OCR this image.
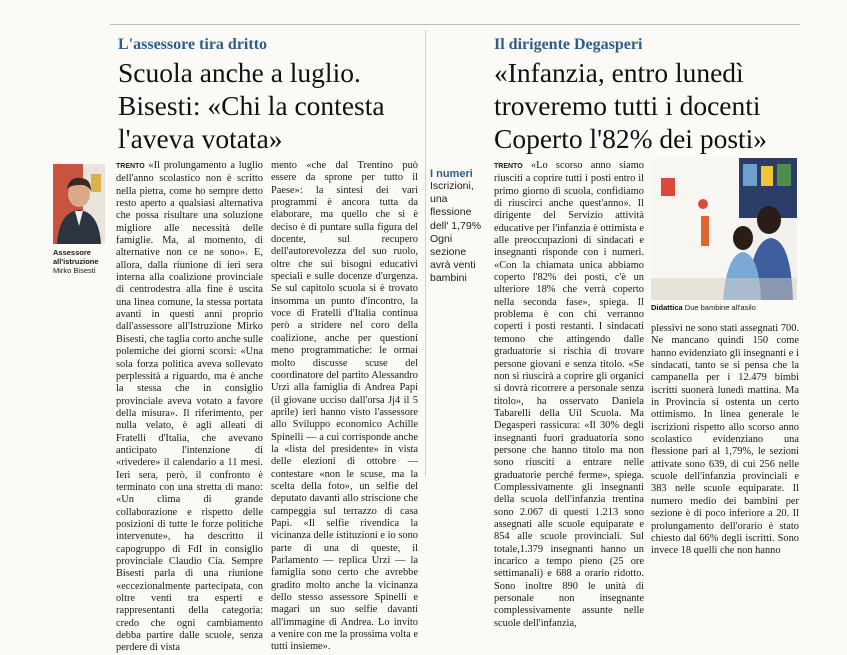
L'assessore tira dritto
Scuola anche a luglio.
Bisesti: «Chi la contesta
l'aveva votata»
Assessore all'istruzione
Mirko Bisesti
TRENTO «Il prolungamento a luglio dell'anno scolastico non è scritto nella pietra, come ho sempre detto resto aperto a qualsiasi alternativa che possa risultare una soluzione migliore alle necessità delle famiglie. Ma, al momento, di alternative non ce ne sono». E, allora, dalla riunione di ieri sera interna alla coalizione provinciale di centrodestra alla fine è uscita una linea comune, la stessa portata avanti in questi anni proprio dall'assessore all'Istruzione Mirko Bisesti, che taglia corto anche sulle polemiche dei giorni scorsi: «Una sola forza politica aveva sollevato perplessità a riguardo, ma è anche la stessa che in consiglio provinciale aveva votato a favore della misura». Il riferimento, per nulla velato, è agli alleati di Fratelli d'Italia, che avevano anticipato l'intenzione di «rivedere» il calendario a 11 mesi. Ieri sera, però, il confronto è terminato con una stretta di mano: «Un clima di grande collaborazione e rispetto delle posizioni di tutte le forze politiche intervenute», ha descritto il capogruppo di FdI in consiglio provinciale Claudio Cia. Sempre Bisesti parla di una riunione «eccezionalmente partecipata, con oltre venti tra esperti e rappresentanti della categoria: credo che ogni cambiamento debba partire dalle scuole, senza perdere di vista
mento «che dal Trentino può essere da sprone per tutto il Paese»: la sintesi dei vari programmi è ancora tutta da elaborare, ma quello che si è deciso è di puntare sulla figura del docente, sul recupero dell'autorevolezza del suo ruolo, oltre che sui bisogni educativi speciali e sulle docenze d'urgenza. Se sul capitolo scuola si è trovato insomma un punto d'incontro, la voce di Fratelli d'Italia continua però a stridere nel coro della coalizione, anche per questioni meno programmatiche: le ormai molto discusse scuse del coordinatore del partito Alessandro Urzì alla famiglia di Andrea Papi (il giovane ucciso dall'orsa Jj4 il 5 aprile) ieri hanno visto l'assessore allo Sviluppo economico Achille Spinelli — a cui corrisponde anche la «lista del presidente» in vista delle elezioni di ottobre — contestare «non le scuse, ma la scelta della foto», un selfie del deputato davanti allo striscione che campeggia sul terrazzo di casa Papi. «Il selfie rivendica la vicinanza delle istituzioni e io sono parte di una di queste, il Parlamento — replica Urzì — la famiglia sono certo che avrebbe gradito molto anche la vicinanza dello stesso assessore Spinelli e magari un suo selfie davanti all'immagine di Andrea. Lo invito a venire con me la prossima volta e tutti insieme».
I numeri
Iscrizioni, una flessione dell' 1,79% Ogni sezione avrà venti bambini
Il dirigente Degasperi
«Infanzia, entro lunedì
troveremo tutti i docenti
Coperto l'82% dei posti»
TRENTO «Lo scorso anno siamo riusciti a coprire tutti i posti entro il primo giorno di scuola, confidiamo di riuscirci anche quest'anno». Il dirigente del Servizio attività educative per l'infanzia è ottimista e alle preoccupazioni di sindacati e insegnanti risponde con i numeri. «Con la chiamata unica abbiamo coperto l'82% dei posti, c'è un ulteriore 18% che verrà coperto nella seconda fase», spiega. Il problema è con chi verranno coperti i posti restanti. I sindacati temono che attingendo dalle graduatorie si rischia di trovare persone giovani e senza titolo. «Se non si riuscirà a coprire gli organici si dovrà ricorrere a personale senza titolo», ha osservato Daniela Tabarelli della Uil Scuola. Ma Degasperi rassicura: «Il 30% degli insegnanti fuori graduatoria sono persone che hanno titolo ma non sono riusciti a entrare nelle graduatorie perché ferme», spiega. Complessivamente gli insegnanti della scuola dell'infanzia trentina sono 2.067 di questi 1.213 sono assegnati alle scuole equiparate e 854 alle scuole provinciali. Sul totale,1.379 insegnanti hanno un incarico a tempo pieno (25 ore settimanali) e 688 a orario ridotto. Sono inoltre 890 le unità di personale non insegnante complessivamente assunte nelle scuole dell'infanzia,
Didattica Due bambine all'asilo
plessivi ne sono stati assegnati 700. Ne mancano quindi 150 come hanno evidenziato gli insegnanti e i sindacati, tanto se si pensa che la campanella per i 12.479 bimbi iscritti suonerà lunedì mattina. Ma in Provincia si ostenta un certo ottimismo. In linea generale le iscrizioni rispetto allo scorso anno scolastico evidenziano una flessione pari al 1,79%, le sezioni attivate sono 639, di cui 256 nelle scuole dell'infanzia provinciali e 383 nelle scuole equiparate. Il numero medio dei bambini per sezione è di poco inferiore a 20. Il prolungamento dell'orario è stato chiesto dal 66% degli iscritti. Sono invece 18 quelli che non hanno
